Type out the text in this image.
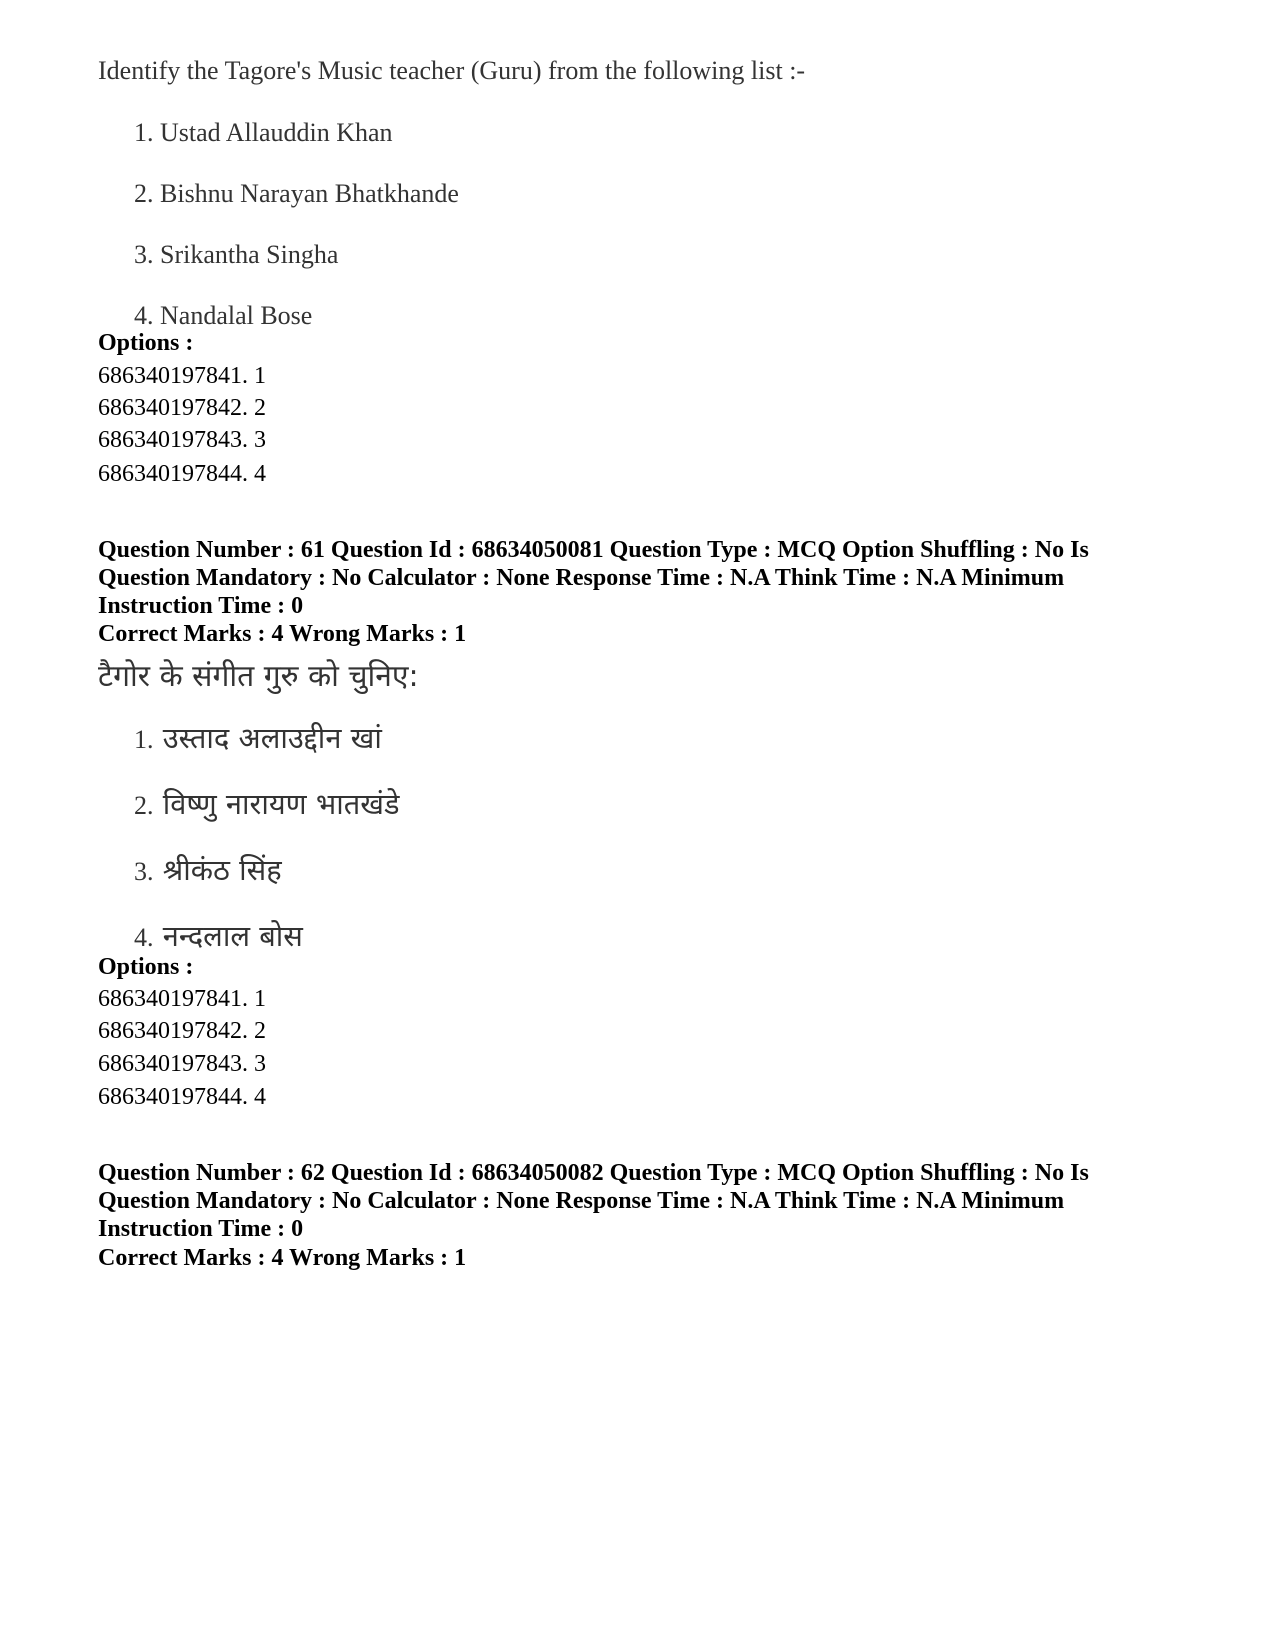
Identify the Tagore's Music teacher (Guru) from the following list :-
1. Ustad Allauddin Khan
2. Bishnu Narayan Bhatkhande
3. Srikantha Singha
4. Nandalal Bose
Options :
686340197841. 1
686340197842. 2
686340197843. 3
686340197844. 4
Question Number : 61 Question Id : 68634050081 Question Type : MCQ Option Shuffling : No Is
Question Mandatory : No Calculator : None Response Time : N.A Think Time : N.A Minimum
Instruction Time : 0
Correct Marks : 4 Wrong Marks : 1
टैगोर के संगीत गुरु को चुनिए:
1. उस्ताद अलाउद्दीन खां
2. विष्णु नारायण भातखंडे
3. श्रीकंठ सिंह
4. नन्दलाल बोस
Options :
686340197841. 1
686340197842. 2
686340197843. 3
686340197844. 4
Question Number : 62 Question Id : 68634050082 Question Type : MCQ Option Shuffling : No Is
Question Mandatory : No Calculator : None Response Time : N.A Think Time : N.A Minimum
Instruction Time : 0
Correct Marks : 4 Wrong Marks : 1
